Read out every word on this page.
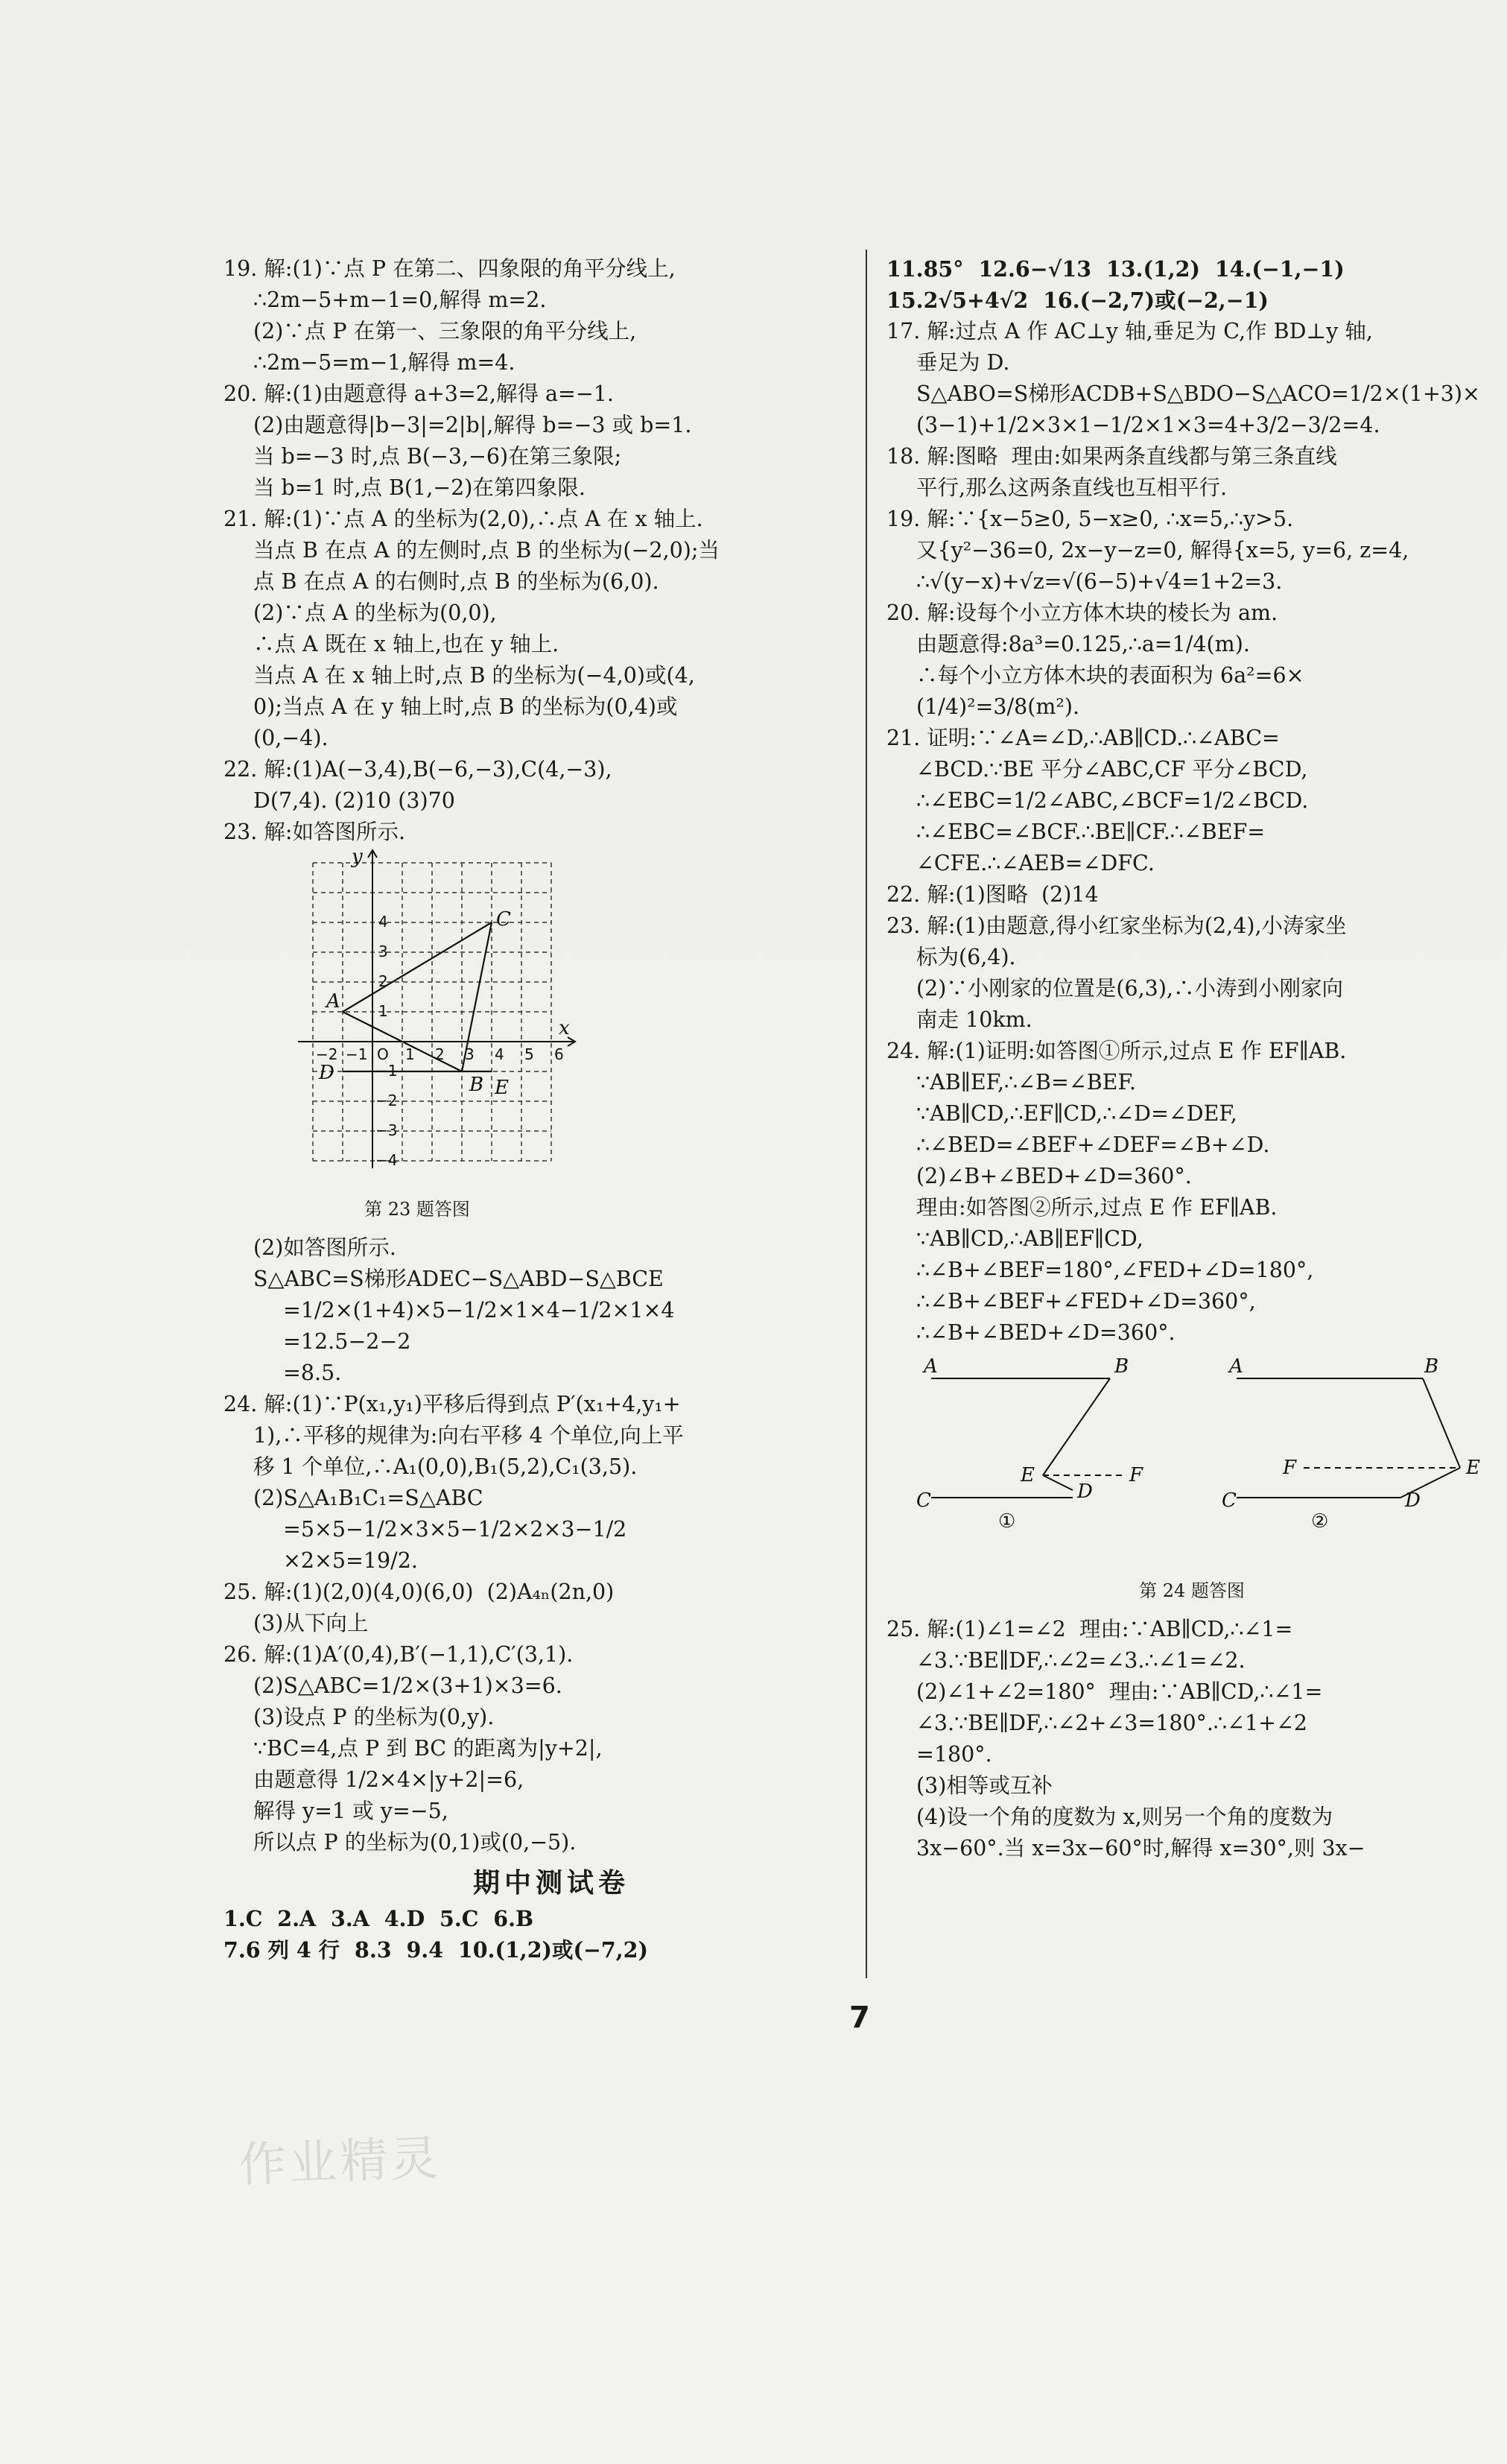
19. 解:(1)∵点 P 在第二、四象限的角平分线上,

∴2m−5+m−1=0,解得 m=2.

(2)∵点 P 在第一、三象限的角平分线上,

∴2m−5=m−1,解得 m=4.

20. 解:(1)由题意得 a+3=2,解得 a=−1.

(2)由题意得|b−3|=2|b|,解得 b=−3 或 b=1.

当 b=−3 时,点 B(−3,−6)在第三象限;

当 b=1 时,点 B(1,−2)在第四象限.

21. 解:(1)∵点 A 的坐标为(2,0),∴点 A 在 x 轴上.

当点 B 在点 A 的左侧时,点 B 的坐标为(−2,0);当

点 B 在点 A 的右侧时,点 B 的坐标为(6,0).

(2)∵点 A 的坐标为(0,0),

∴点 A 既在 x 轴上,也在 y 轴上.

当点 A 在 x 轴上时,点 B 的坐标为(−4,0)或(4,

0);当点 A 在 y 轴上时,点 B 的坐标为(0,4)或

(0,−4).

22. 解:(1)A(−3,4),B(−6,−3),C(4,−3),

D(7,4). (2)10 (3)70

23. 解:如答图所示.

y
x
A
B
C
D
E
−2 −1 O 1 2 3 4 5 6
4
3
2
1
−1
−2
−3
−4

第 23 题答图

(2)如答图所示.

S△ABC=S梯形ADEC−S△ABD−S△BCE

=1/2×(1+4)×5−1/2×1×4−1/2×1×4

=12.5−2−2

=8.5.

24. 解:(1)∵P(x₁,y₁)平移后得到点 P′(x₁+4,y₁+

1),∴平移的规律为:向右平移 4 个单位,向上平

移 1 个单位,∴A₁(0,0),B₁(5,2),C₁(3,5).

(2)S△A₁B₁C₁=S△ABC

=5×5−1/2×3×5−1/2×2×3−1/2

×2×5=19/2.

25. 解:(1)(2,0)(4,0)(6,0)  (2)A₄ₙ(2n,0)

(3)从下向上

26. 解:(1)A′(0,4),B′(−1,1),C′(3,1).

(2)S△ABC=1/2×(3+1)×3=6.

(3)设点 P 的坐标为(0,y).

∵BC=4,点 P 到 BC 的距离为|y+2|,

由题意得 1/2×4×|y+2|=6,

解得 y=1 或 y=−5,

所以点 P 的坐标为(0,1)或(0,−5).

期中测试卷

1.C  2.A  3.A  4.D  5.C  6.B

7.6 列 4 行  8.3  9.4  10.(1,2)或(−7,2)

11.85°  12.6−√13  13.(1,2)  14.(−1,−1)

15.2√5+4√2  16.(−2,7)或(−2,−1)

17. 解:过点 A 作 AC⊥y 轴,垂足为 C,作 BD⊥y 轴,

垂足为 D.

S△ABO=S梯形ACDB+S△BDO−S△ACO=1/2×(1+3)×

(3−1)+1/2×3×1−1/2×1×3=4+3/2−3/2=4.

18. 解:图略  理由:如果两条直线都与第三条直线

平行,那么这两条直线也互相平行.

19. 解:∵{x−5≥0, 5−x≥0, ∴x=5,∴y>5.

又{y²−36=0, 2x−y−z=0, 解得{x=5, y=6, z=4,

∴√(y−x)+√z=√(6−5)+√4=1+2=3.

20. 解:设每个小立方体木块的棱长为 am.

由题意得:8a³=0.125,∴a=1/4(m).

∴每个小立方体木块的表面积为 6a²=6×

(1/4)²=3/8(m²).

21. 证明:∵∠A=∠D,∴AB∥CD.∴∠ABC=

∠BCD.∵BE 平分∠ABC,CF 平分∠BCD,

∴∠EBC=1/2∠ABC,∠BCF=1/2∠BCD.

∴∠EBC=∠BCF.∴BE∥CF.∴∠BEF=

∠CFE.∴∠AEB=∠DFC.

22. 解:(1)图略  (2)14

23. 解:(1)由题意,得小红家坐标为(2,4),小涛家坐

标为(6,4).

(2)∵小刚家的位置是(6,3),∴小涛到小刚家向

南走 10km.

24. 解:(1)证明:如答图①所示,过点 E 作 EF∥AB.

∵AB∥EF,∴∠B=∠BEF.

∵AB∥CD,∴EF∥CD,∴∠D=∠DEF,

∴∠BED=∠BEF+∠DEF=∠B+∠D.

(2)∠B+∠BED+∠D=360°.

理由:如答图②所示,过点 E 作 EF∥AB.

∵AB∥CD,∴AB∥EF∥CD,

∴∠B+∠BEF=180°,∠FED+∠D=180°,

∴∠B+∠BEF+∠FED+∠D=360°,

∴∠B+∠BED+∠D=360°.

A	B
E	F
C	D
A	B
F	E
C	D
①	②

第 24 题答图

25. 解:(1)∠1=∠2  理由:∵AB∥CD,∴∠1=

∠3.∵BE∥DF,∴∠2=∠3.∴∠1=∠2.

(2)∠1+∠2=180°  理由:∵AB∥CD,∴∠1=

∠3.∵BE∥DF,∴∠2+∠3=180°.∴∠1+∠2

=180°.

(3)相等或互补

(4)设一个角的度数为 x,则另一个角的度数为

3x−60°.当 x=3x−60°时,解得 x=30°,则 3x−

7
作业精灵
